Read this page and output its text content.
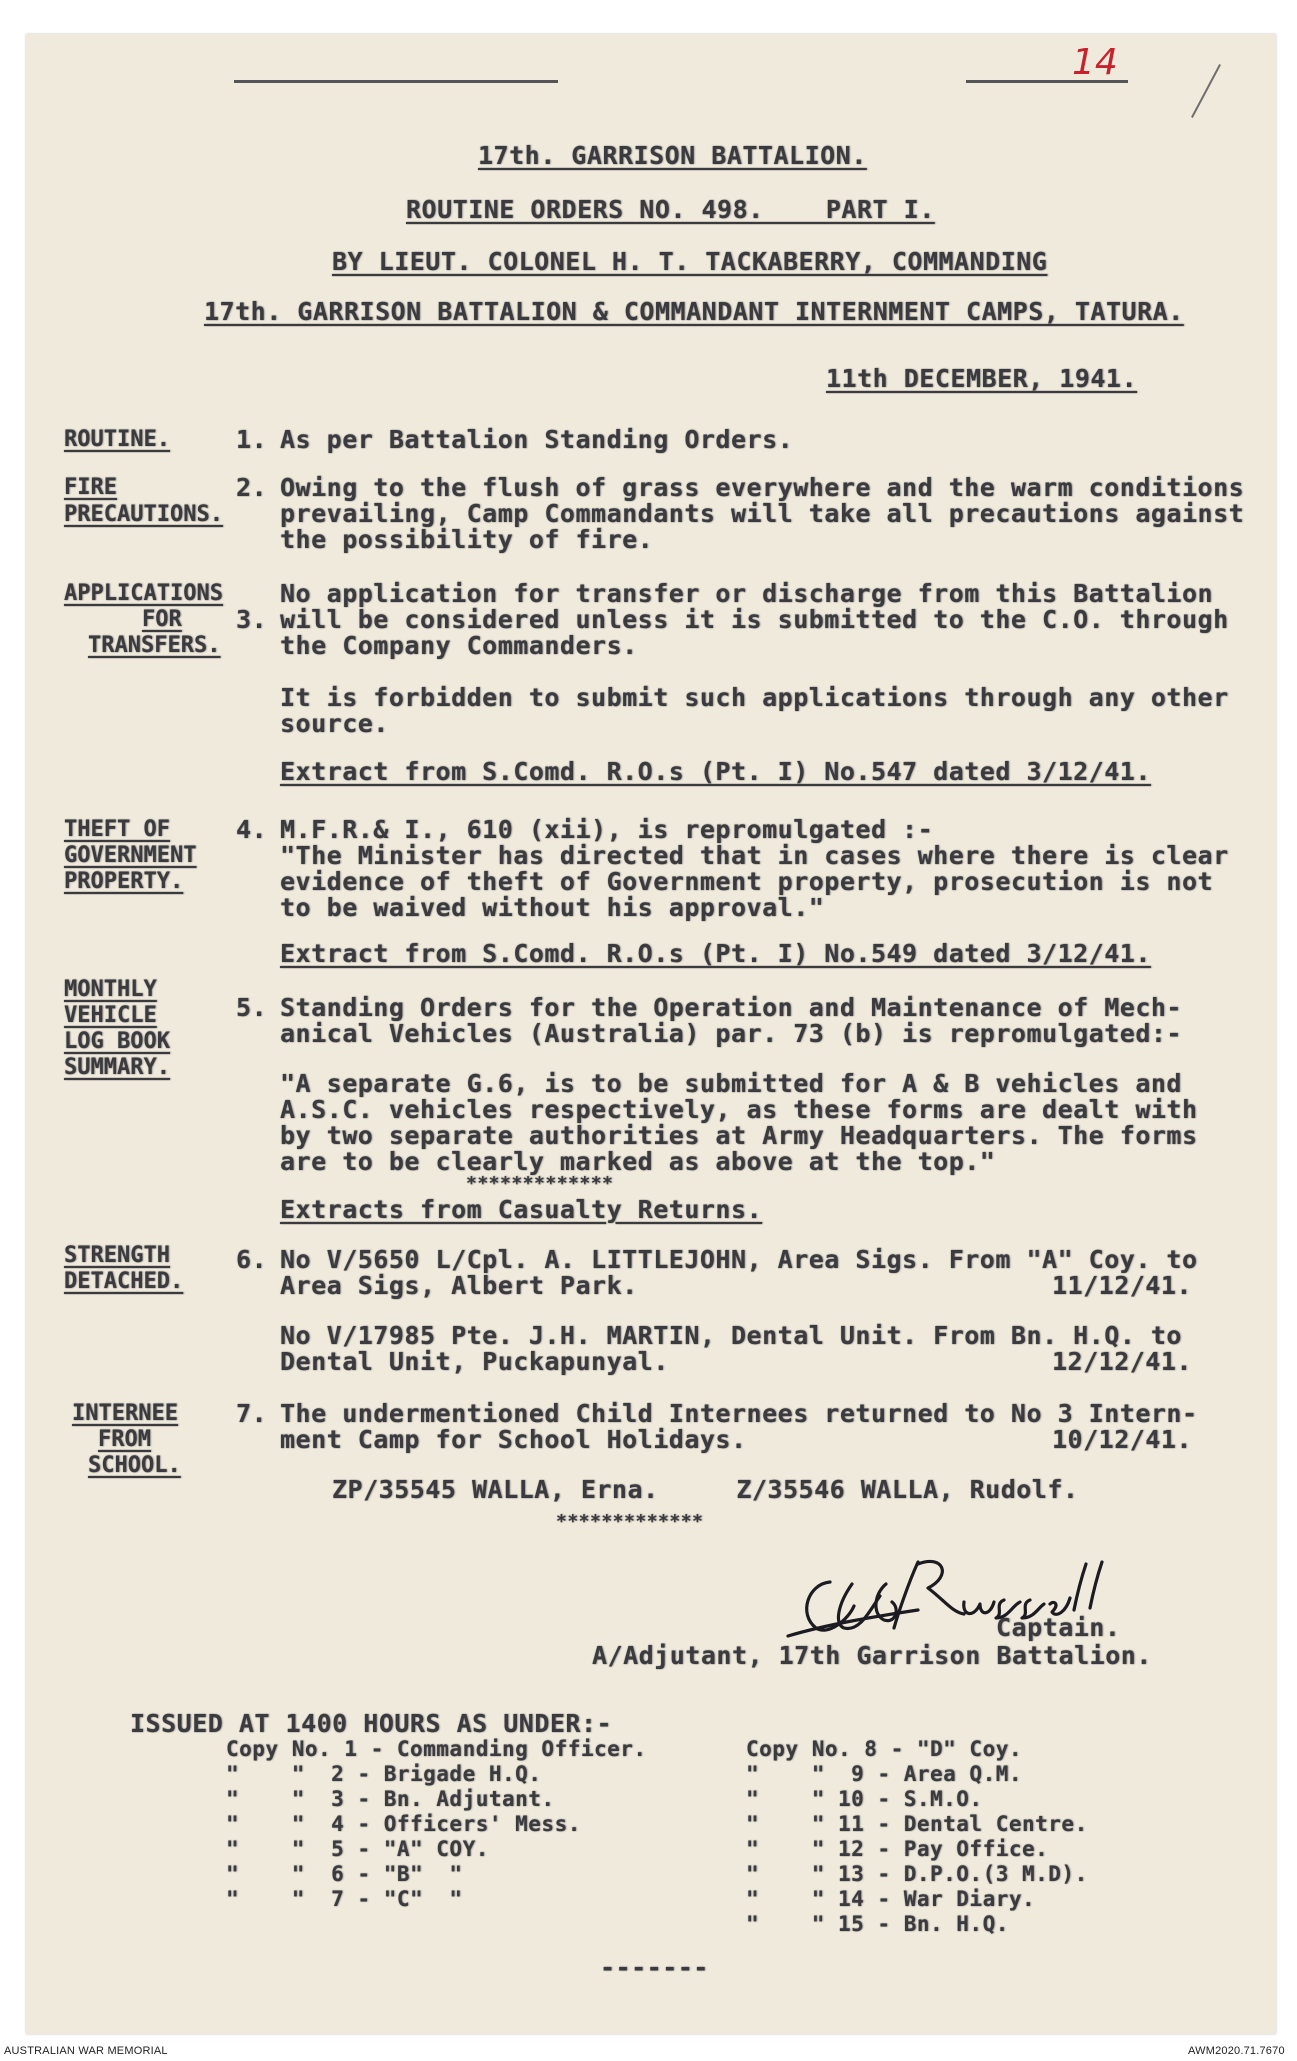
14
17th. GARRISON BATTALION.
ROUTINE ORDERS NO. 498.    PART I.
BY LIEUT. COLONEL H. T. TACKABERRY, COMMANDING
17th. GARRISON BATTALION & COMMANDANT INTERNMENT CAMPS, TATURA.
11th DECEMBER, 1941.
ROUTINE.	1. As per Battalion Standing Orders.
FIRE
PRECAUTIONS.
2. Owing to the flush of grass everywhere and the warm conditions
prevailing, Camp Commandants will take all precautions against
the possibility of fire.
APPLICATIONS
FOR
TRANSFERS.
3.
No application for transfer or discharge from this Battalion
will be considered unless it is submitted to the C.O. through
the Company Commanders.
It is forbidden to submit such applications through any other
source.
Extract from S.Comd. R.O.s (Pt. I) No.547 dated 3/12/41.
THEFT OF
GOVERNMENT
PROPERTY.
4. M.F.R.& I., 610 (xii), is repromulgated :-
"The Minister has directed that in cases where there is clear
evidence of theft of Government property, prosecution is not
to be waived without his approval."
Extract from S.Comd. R.O.s (Pt. I) No.549 dated 3/12/41.
MONTHLY
VEHICLE
LOG BOOK
SUMMARY.
5. Standing Orders for the Operation and Maintenance of Mech-
anical Vehicles (Australia) par. 73 (b) is repromulgated:-
"A separate G.6, is to be submitted for A & B vehicles and
A.S.C. vehicles respectively, as these forms are dealt with
by two separate authorities at Army Headquarters. The forms
are to be clearly marked as above at the top."
*************
Extracts from Casualty Returns.
STRENGTH
DETACHED.
6. No V/5650 L/Cpl. A. LITTLEJOHN, Area Sigs. From "A" Coy. to
Area Sigs, Albert Park.	11/12/41.
No V/17985 Pte. J.H. MARTIN, Dental Unit. From Bn. H.Q. to
Dental Unit, Puckapunyal.	12/12/41.
INTERNEE
FROM
SCHOOL.
7. The undermentioned Child Internees returned to No 3 Intern-
ment Camp for School Holidays.	10/12/41.
ZP/35545 WALLA, Erna.     Z/35546 WALLA, Rudolf.
*************
Captain.
A/Adjutant, 17th Garrison Battalion.
ISSUED AT 1400 HOURS AS UNDER:-
Copy No. 1 - Commanding Officer.
"    "  2 - Brigade H.Q.
"    "  3 - Bn. Adjutant.
"    "  4 - Officers' Mess.
"    "  5 - "A" COY.
"    "  6 - "B"  "
"    "  7 - "C"  "
Copy No. 8 - "D" Coy.
"    "  9 - Area Q.M.
"    " 10 - S.M.O.
"    " 11 - Dental Centre.
"    " 12 - Pay Office.
"    " 13 - D.P.O.(3 M.D).
"    " 14 - War Diary.
"    " 15 - Bn. H.Q.
-------
AUSTRALIAN WAR MEMORIAL	AWM2020.71.7670
